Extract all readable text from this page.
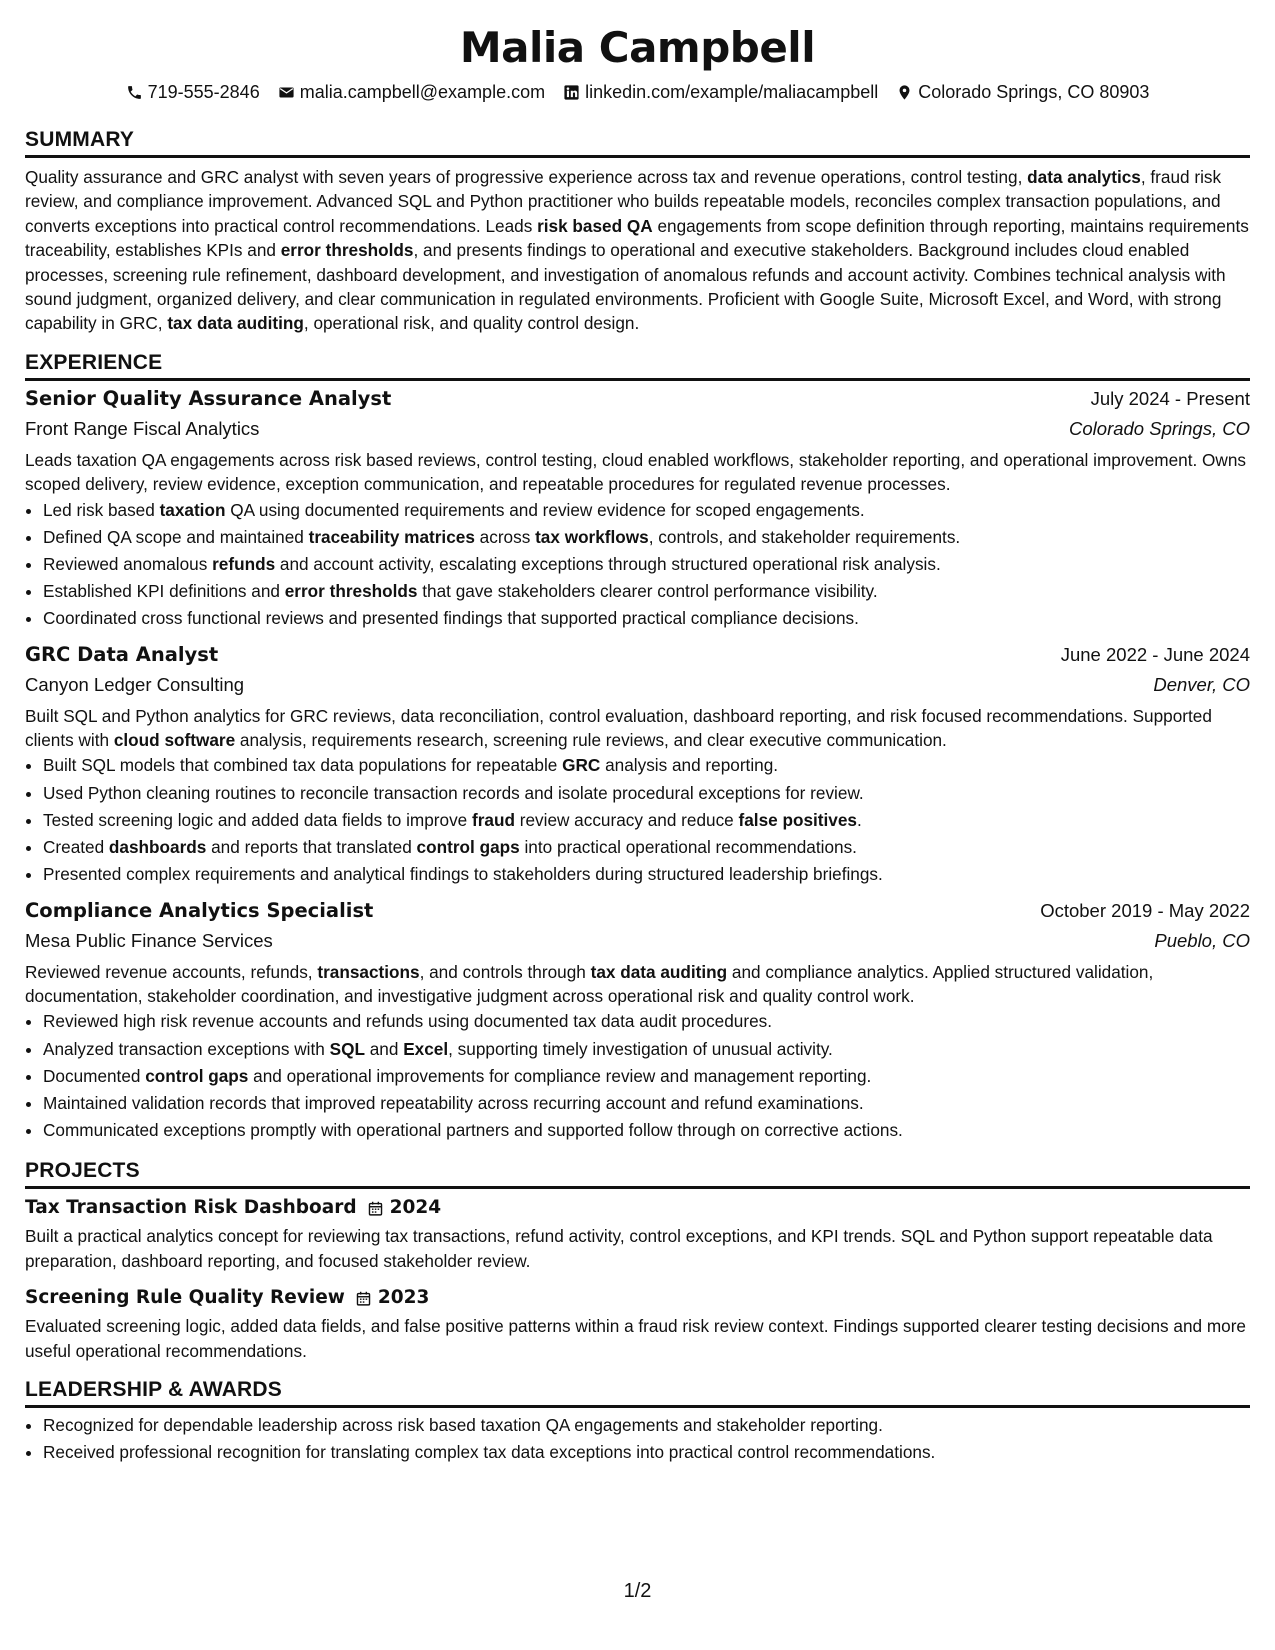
Malia Campbell
719-555-2846 malia.campbell@example.com linkedin.com/example/maliacampbell Colorado Springs, CO 80903
SUMMARY

Quality assurance and GRC analyst with seven years of progressive experience across tax and revenue operations, control testing, data analytics, fraud risk review, and compliance improvement. Advanced SQL and Python practitioner who builds repeatable models, reconciles complex transaction populations, and converts exceptions into practical control recommendations. Leads risk based QA engagements from scope definition through reporting, maintains requirements traceability, establishes KPIs and error thresholds, and presents findings to operational and executive stakeholders. Background includes cloud enabled processes, screening rule refinement, dashboard development, and investigation of anomalous refunds and account activity. Combines technical analysis with sound judgment, organized delivery, and clear communication in regulated environments. Proficient with Google Suite, Microsoft Excel, and Word, with strong capability in GRC, tax data auditing, operational risk, and quality control design.

EXPERIENCE
Senior Quality Assurance Analyst	July 2024 - Present
Front Range Fiscal Analytics	Colorado Springs, CO

Leads taxation QA engagements across risk based reviews, control testing, cloud enabled workflows, stakeholder reporting, and operational improvement. Owns scoped delivery, review evidence, exception communication, and repeatable procedures for regulated revenue processes.

• Led risk based taxation QA using documented requirements and review evidence for scoped engagements.
• Defined QA scope and maintained traceability matrices across tax workflows, controls, and stakeholder requirements.
• Reviewed anomalous refunds and account activity, escalating exceptions through structured operational risk analysis.
• Established KPI definitions and error thresholds that gave stakeholders clearer control performance visibility.
• Coordinated cross functional reviews and presented findings that supported practical compliance decisions.
GRC Data Analyst	June 2022 - June 2024
Canyon Ledger Consulting	Denver, CO

Built SQL and Python analytics for GRC reviews, data reconciliation, control evaluation, dashboard reporting, and risk focused recommendations. Supported clients with cloud software analysis, requirements research, screening rule reviews, and clear executive communication.

• Built SQL models that combined tax data populations for repeatable GRC analysis and reporting.
• Used Python cleaning routines to reconcile transaction records and isolate procedural exceptions for review.
• Tested screening logic and added data fields to improve fraud review accuracy and reduce false positives.
• Created dashboards and reports that translated control gaps into practical operational recommendations.
• Presented complex requirements and analytical findings to stakeholders during structured leadership briefings.
Compliance Analytics Specialist	October 2019 - May 2022
Mesa Public Finance Services	Pueblo, CO

Reviewed revenue accounts, refunds, transactions, and controls through tax data auditing and compliance analytics. Applied structured validation, documentation, stakeholder coordination, and investigative judgment across operational risk and quality control work.

• Reviewed high risk revenue accounts and refunds using documented tax data audit procedures.
• Analyzed transaction exceptions with SQL and Excel, supporting timely investigation of unusual activity.
• Documented control gaps and operational improvements for compliance review and management reporting.
• Maintained validation records that improved repeatability across recurring account and refund examinations.
• Communicated exceptions promptly with operational partners and supported follow through on corrective actions.
PROJECTS
Tax Transaction Risk Dashboard 2024

Built a practical analytics concept for reviewing tax transactions, refund activity, control exceptions, and KPI trends. SQL and Python support repeatable data preparation, dashboard reporting, and focused stakeholder review.

Screening Rule Quality Review 2023

Evaluated screening logic, added data fields, and false positive patterns within a fraud risk review context. Findings supported clearer testing decisions and more useful operational recommendations.

LEADERSHIP & AWARDS
• Recognized for dependable leadership across risk based taxation QA engagements and stakeholder reporting.
• Received professional recognition for translating complex tax data exceptions into practical control recommendations.
1/2
